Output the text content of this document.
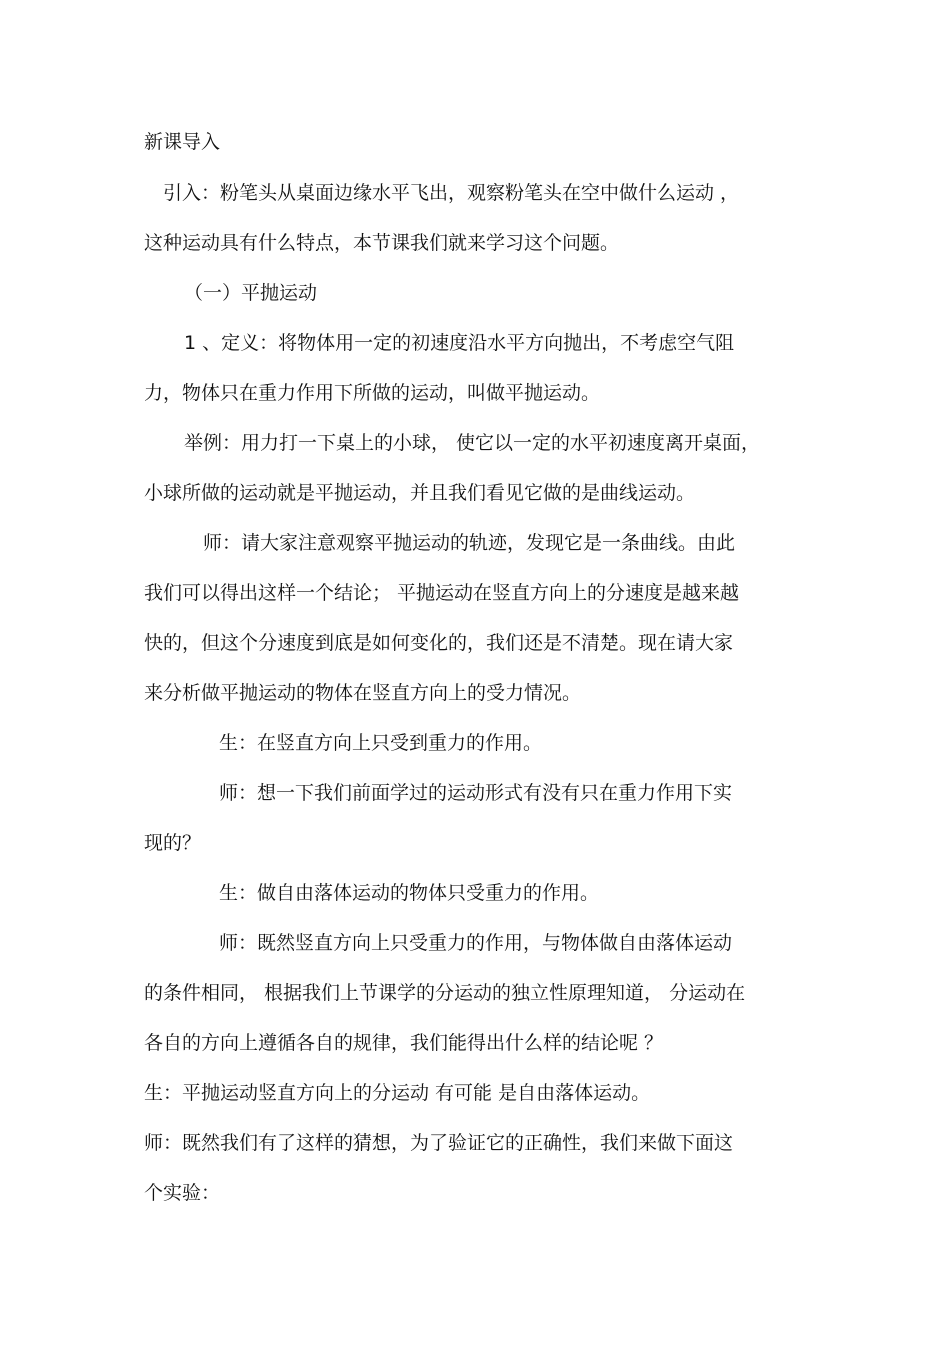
新课导入
引入：粉笔头从桌面边缘水平飞出，观察粉笔头在空中做什么运动 ，
这种运动具有什么特点，本节课我们就来学习这个问题。
（一）平抛运动
1 、定义：将物体用一定的初速度沿水平方向抛出，不考虑空气阻
力，物体只在重力作用下所做的运动，叫做平抛运动。
举例：用力打一下桌上的小球， 使它以一定的水平初速度离开桌面，
小球所做的运动就是平抛运动，并且我们看见它做的是曲线运动。
师：请大家注意观察平抛运动的轨迹，发现它是一条曲线。由此
我们可以得出这样一个结论； 平抛运动在竖直方向上的分速度是越来越
快的，但这个分速度到底是如何变化的，我们还是不清楚。现在请大家
来分析做平抛运动的物体在竖直方向上的受力情况。
生：在竖直方向上只受到重力的作用。
师：想一下我们前面学过的运动形式有没有只在重力作用下实
现的？
生：做自由落体运动的物体只受重力的作用。
师：既然竖直方向上只受重力的作用，与物体做自由落体运动
的条件相同， 根据我们上节课学的分运动的独立性原理知道， 分运动在
各自的方向上遵循各自的规律，我们能得出什么样的结论呢 ？
生：平抛运动竖直方向上的分运动 有可能 是自由落体运动。
师：既然我们有了这样的猜想，为了验证它的正确性，我们来做下面这
个实验：
